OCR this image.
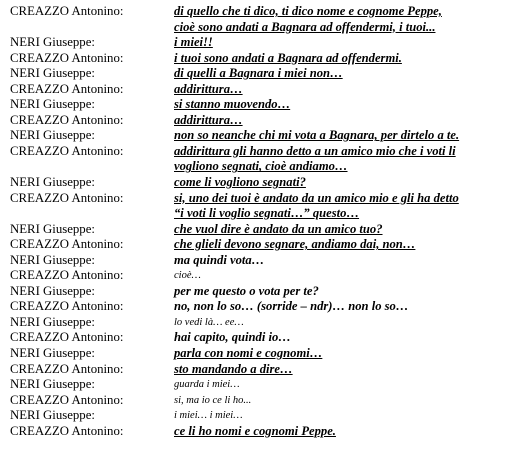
CREAZZO Antonino:	di quello che ti dico, ti dico nome e cognome Peppe,
cioè sono andati a Bagnara ad offendermi, i tuoi...
NERI Giuseppe:	i miei!!
CREAZZO Antonino:	i tuoi sono andati a Bagnara ad offendermi.
NERI Giuseppe:	di quelli a Bagnara i miei non…
CREAZZO Antonino:	addirittura…
NERI Giuseppe:	si stanno muovendo…
CREAZZO Antonino:	addirittura…
NERI Giuseppe:	non so neanche chi mi vota a Bagnara, per dirtelo a te.
CREAZZO Antonino:	addirittura gli hanno detto a un amico mio che i voti li
vogliono segnati, cioè andiamo…
NERI Giuseppe:	come li vogliono segnati?
CREAZZO Antonino:	si, uno dei tuoi è andato da un amico mio e gli ha detto
“i voti li voglio segnati…” questo…
NERI Giuseppe:	che vuol dire è andato da un amico tuo?
CREAZZO Antonino:	che glieli devono segnare, andiamo dai, non…
NERI Giuseppe:	ma quindi vota…
CREAZZO Antonino:	cioè…
NERI Giuseppe:	per me questo o vota per te?
CREAZZO Antonino:	no, non lo so… (sorride – ndr)… non lo so…
NERI Giuseppe:	lo vedi là… ee…
CREAZZO Antonino:	hai capito, quindi io…
NERI Giuseppe:	parla con nomi e cognomi…
CREAZZO Antonino:	sto mandando a dire…
NERI Giuseppe:	guarda i miei…
CREAZZO Antonino:	si, ma io ce li ho...
NERI Giuseppe:	i miei… i miei…
CREAZZO Antonino:	ce li ho nomi e cognomi Peppe.
